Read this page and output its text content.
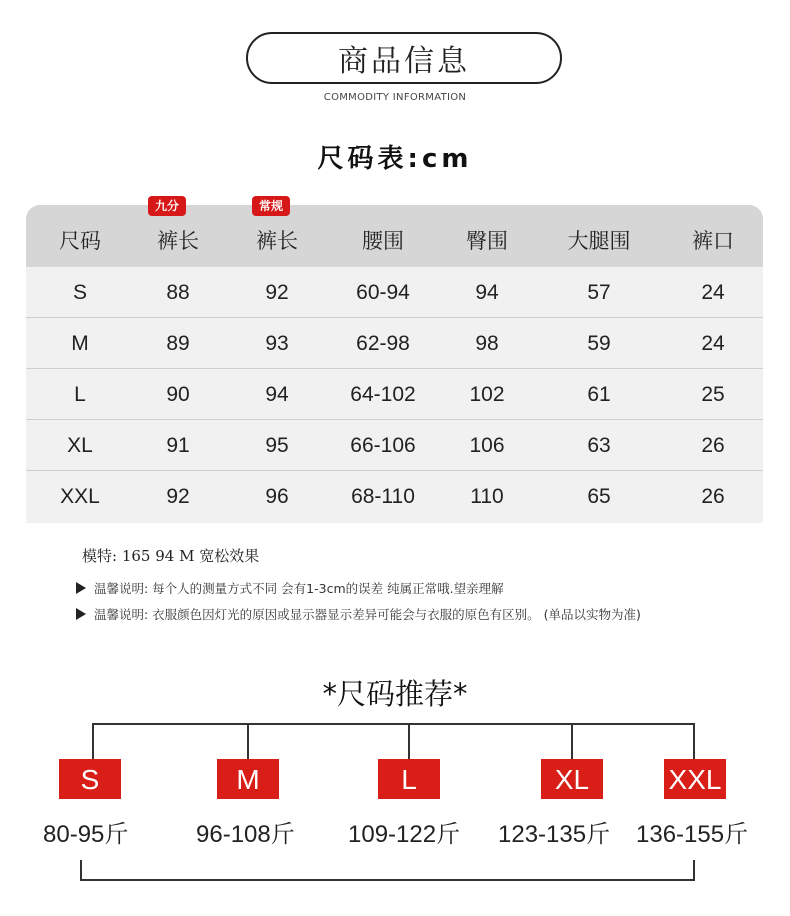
商品信息
COMMODITY INFORMATION
尺码表:cm
尺码	裤长	裤长	腰围	臀围	大腿围	裤口
S	88	92	60-94	94	57	24
M	89	93	62-98	98	59	24
L	90	94	64-102	102	61	25
XL	91	95	66-106	106	63	26
XXL	92	96	68-110	110	65	26
九分	常规
模特: 165 94 M 宽松效果
温馨说明: 每个人的测量方式不同 会有1-3cm的误差 纯属正常哦.望亲理解
温馨说明: 衣服颜色因灯光的原因或显示器显示差异可能会与衣服的原色有区别。 (单品以实物为准)
*尺码推荐*
S	M	L	XL	XXL
80-95斤	96-108斤 109-122斤 123-135斤 136-155斤
